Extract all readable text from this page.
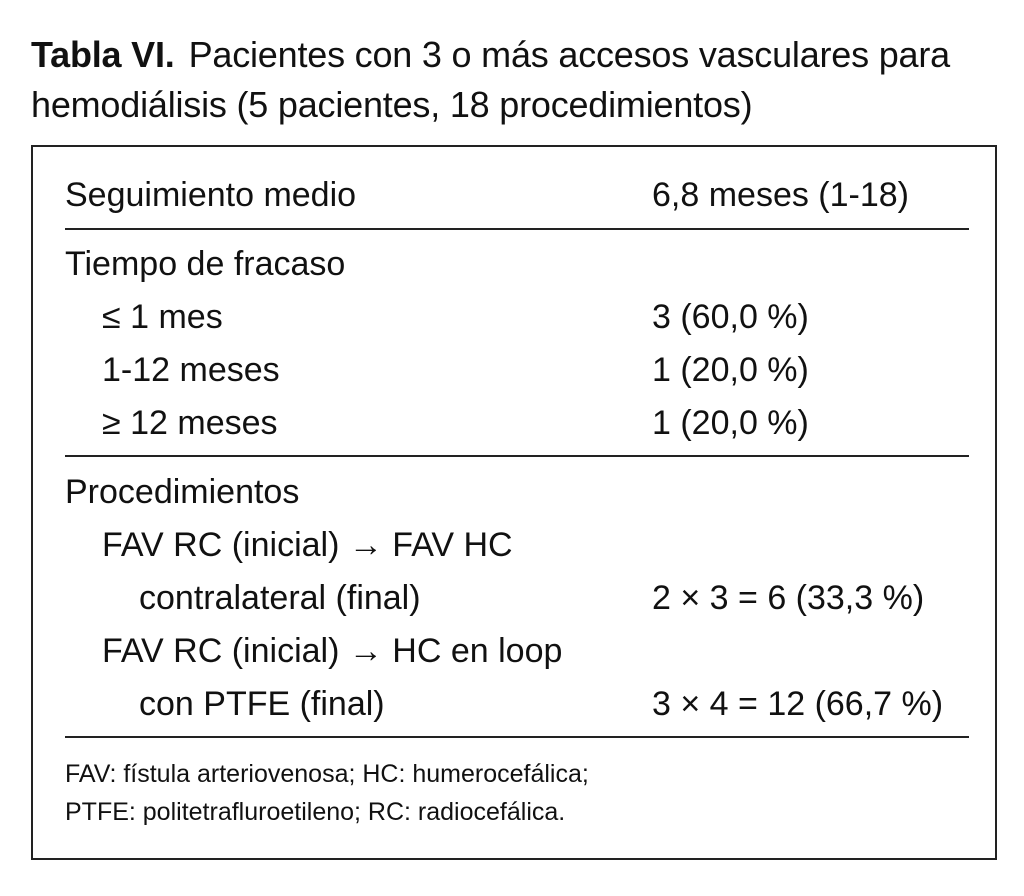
Tabla VI. Pacientes con 3 o más accesos vasculares para hemodiálisis (5 pacientes, 18 procedimientos)
Seguimiento medio	6,8 meses (1-18)
Tiempo de fracaso
≤ 1 mes	3 (60,0 %)
1-12 meses	1 (20,0 %)
≥ 12 meses	1 (20,0 %)
Procedimientos
FAV RC (inicial) → FAV HC
contralateral (final)	2 × 3 = 6 (33,3 %)
FAV RC (inicial) → HC en loop
con PTFE (final)	3 × 4 = 12 (66,7 %)
FAV: fístula arteriovenosa; HC: humerocefálica;
PTFE: politetrafluroetileno; RC: radiocefálica.
